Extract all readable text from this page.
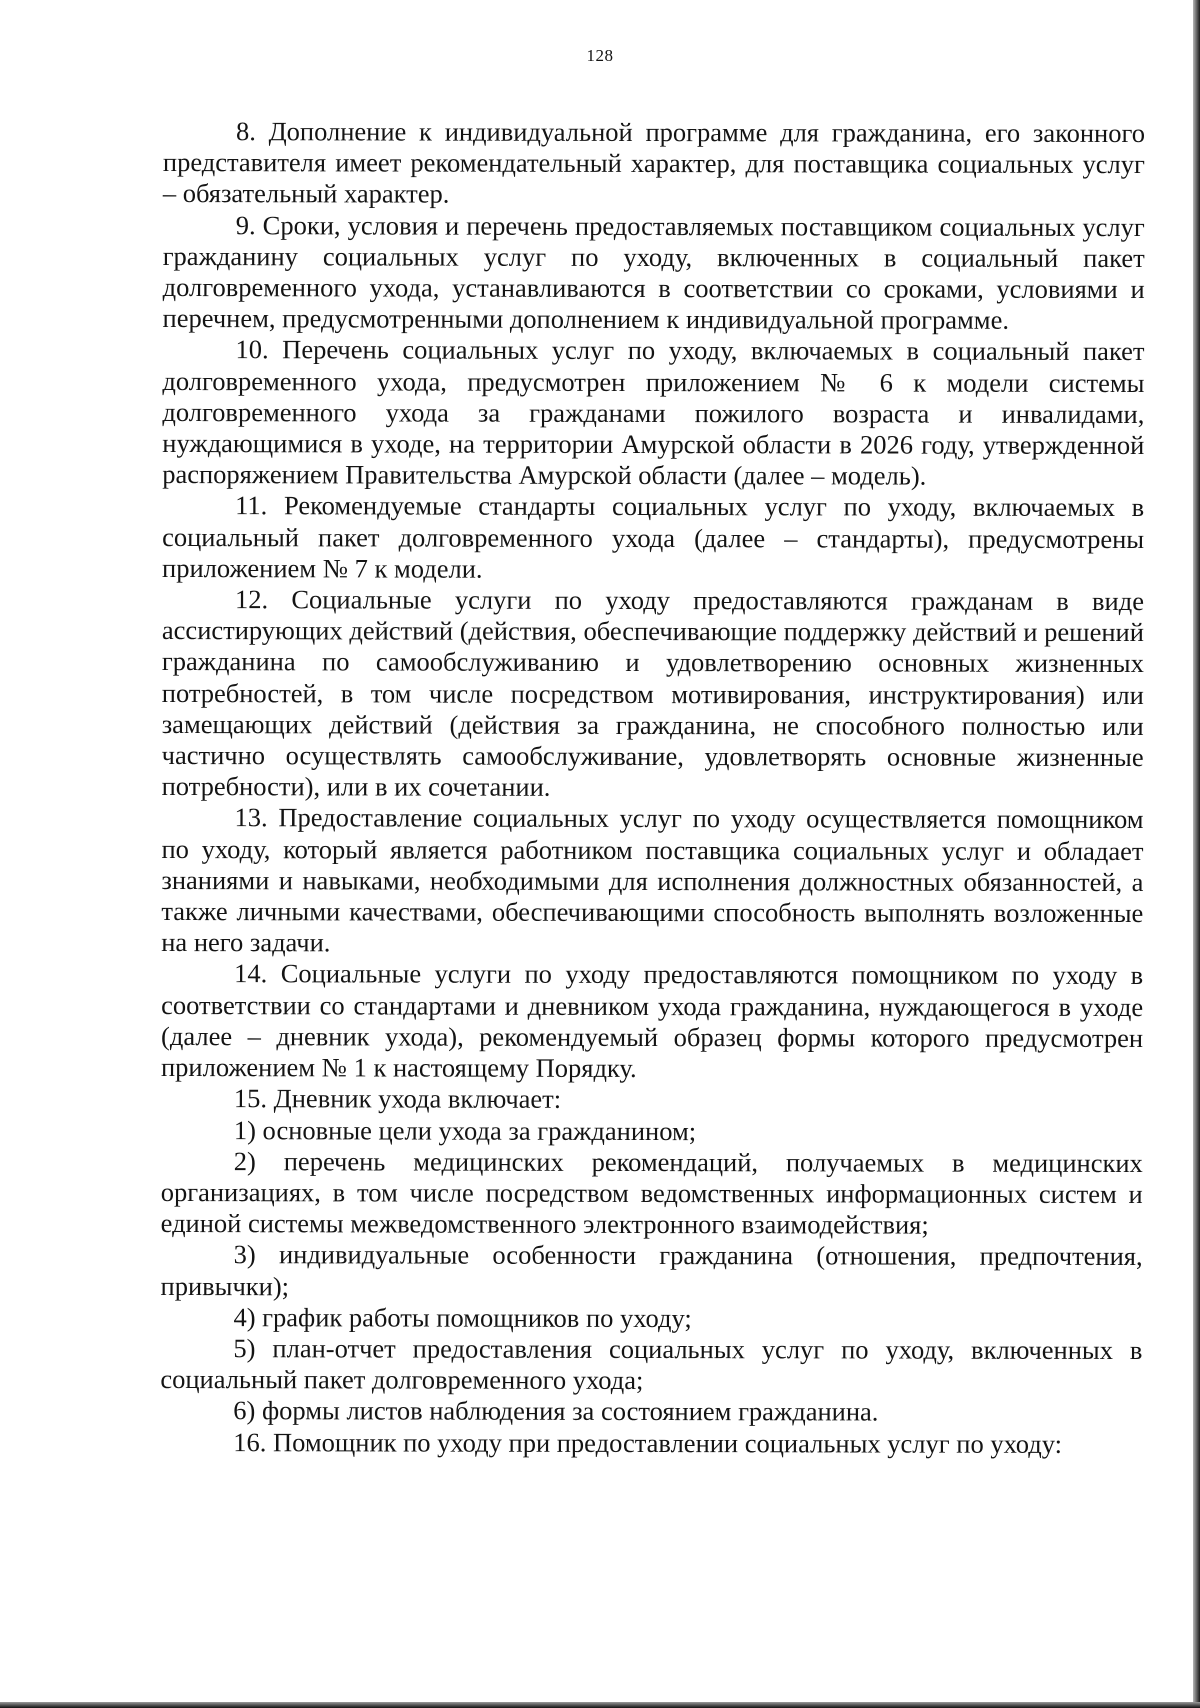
128

8. Дополнение к индивидуальной программе для гражданина, его законного представителя имеет рекомендательный характер, для поставщика социальных услуг – обязательный характер.

9. Сроки, условия и перечень предоставляемых поставщиком социальных услуг гражданину социальных услуг по уходу, включенных в социальный пакет долговременного ухода, устанавливаются в соответствии со сроками, условиями и перечнем, предусмотренными дополнением к индивидуальной программе.

10. Перечень социальных услуг по уходу, включаемых в социальный пакет долговременного ухода, предусмотрен приложением № 6 к модели системы долговременного ухода за гражданами пожилого возраста и инвалидами, нуждающимися в уходе, на территории Амурской области в 2026 году, утвержденной распоряжением Правительства Амурской области (далее – модель).

11. Рекомендуемые стандарты социальных услуг по уходу, включаемых в социальный пакет долговременного ухода (далее – стандарты), предусмотрены приложением № 7 к модели.

12. Социальные услуги по уходу предоставляются гражданам в виде ассистирующих действий (действия, обеспечивающие поддержку действий и решений гражданина по самообслуживанию и удовлетворению основных жизненных потребностей, в том числе посредством мотивирования, инструктирования) или замещающих действий (действия за гражданина, не способного полностью или частично осуществлять самообслуживание, удовлетворять основные жизненные потребности), или в их сочетании.

13. Предоставление социальных услуг по уходу осуществляется помощником по уходу, который является работником поставщика социальных услуг и обладает знаниями и навыками, необходимыми для исполнения должностных обязанностей, а также личными качествами, обеспечивающими способность выполнять возложенные на него задачи.

14. Социальные услуги по уходу предоставляются помощником по уходу в соответствии со стандартами и дневником ухода гражданина, нуждающегося в уходе (далее – дневник ухода), рекомендуемый образец формы которого предусмотрен приложением № 1 к настоящему Порядку.

15. Дневник ухода включает:

1) основные цели ухода за гражданином;

2) перечень медицинских рекомендаций, получаемых в медицинских организациях, в том числе посредством ведомственных информационных систем и единой системы межведомственного электронного взаимодействия;

3) индивидуальные особенности гражданина (отношения, предпочтения, привычки);

4) график работы помощников по уходу;

5) план-отчет предоставления социальных услуг по уходу, включенных в социальный пакет долговременного ухода;

6) формы листов наблюдения за состоянием гражданина.

16. Помощник по уходу при предоставлении социальных услуг по уходу:
